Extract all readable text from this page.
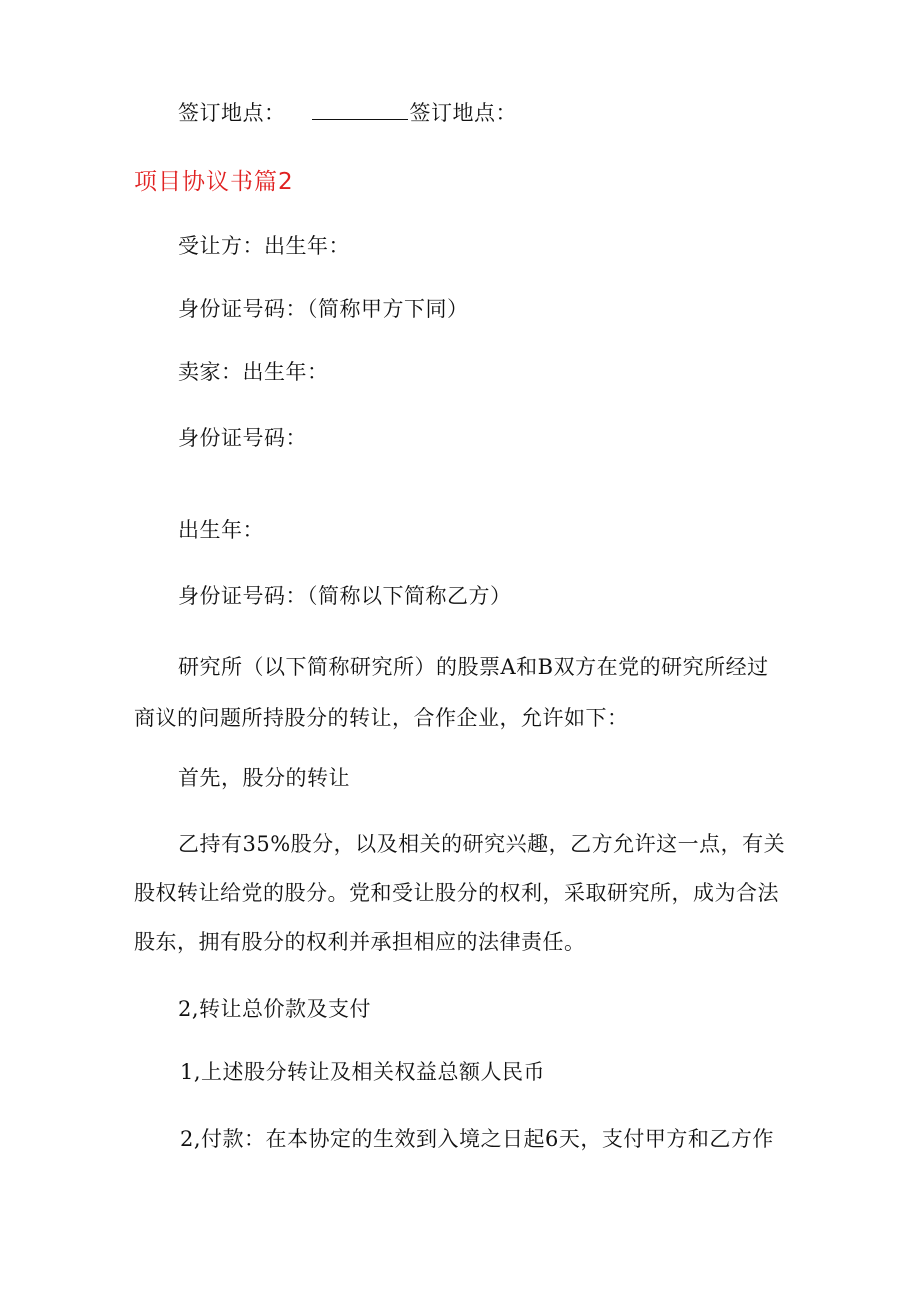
签订地点：	签订地点：
项目协议书篇2
受让方：出生年：
身份证号码：（简称甲方下同）
卖家：出生年：
身份证号码：
出生年：
身份证号码：（简称以下简称乙方）
研究所（以下简称研究所）的股票A和B双方在党的研究所经过
商议的问题所持股分的转让，合作企业，允许如下：
首先，股分的转让
乙持有35%股分，以及相关的研究兴趣，乙方允许这一点，有关
股权转让给党的股分。党和受让股分的权利，采取研究所，成为合法
股东，拥有股分的权利并承担相应的法律责任。
2,转让总价款及支付
1,上述股分转让及相关权益总额人民币
2,付款：在本协定的生效到入境之日起6天，支付甲方和乙方作
